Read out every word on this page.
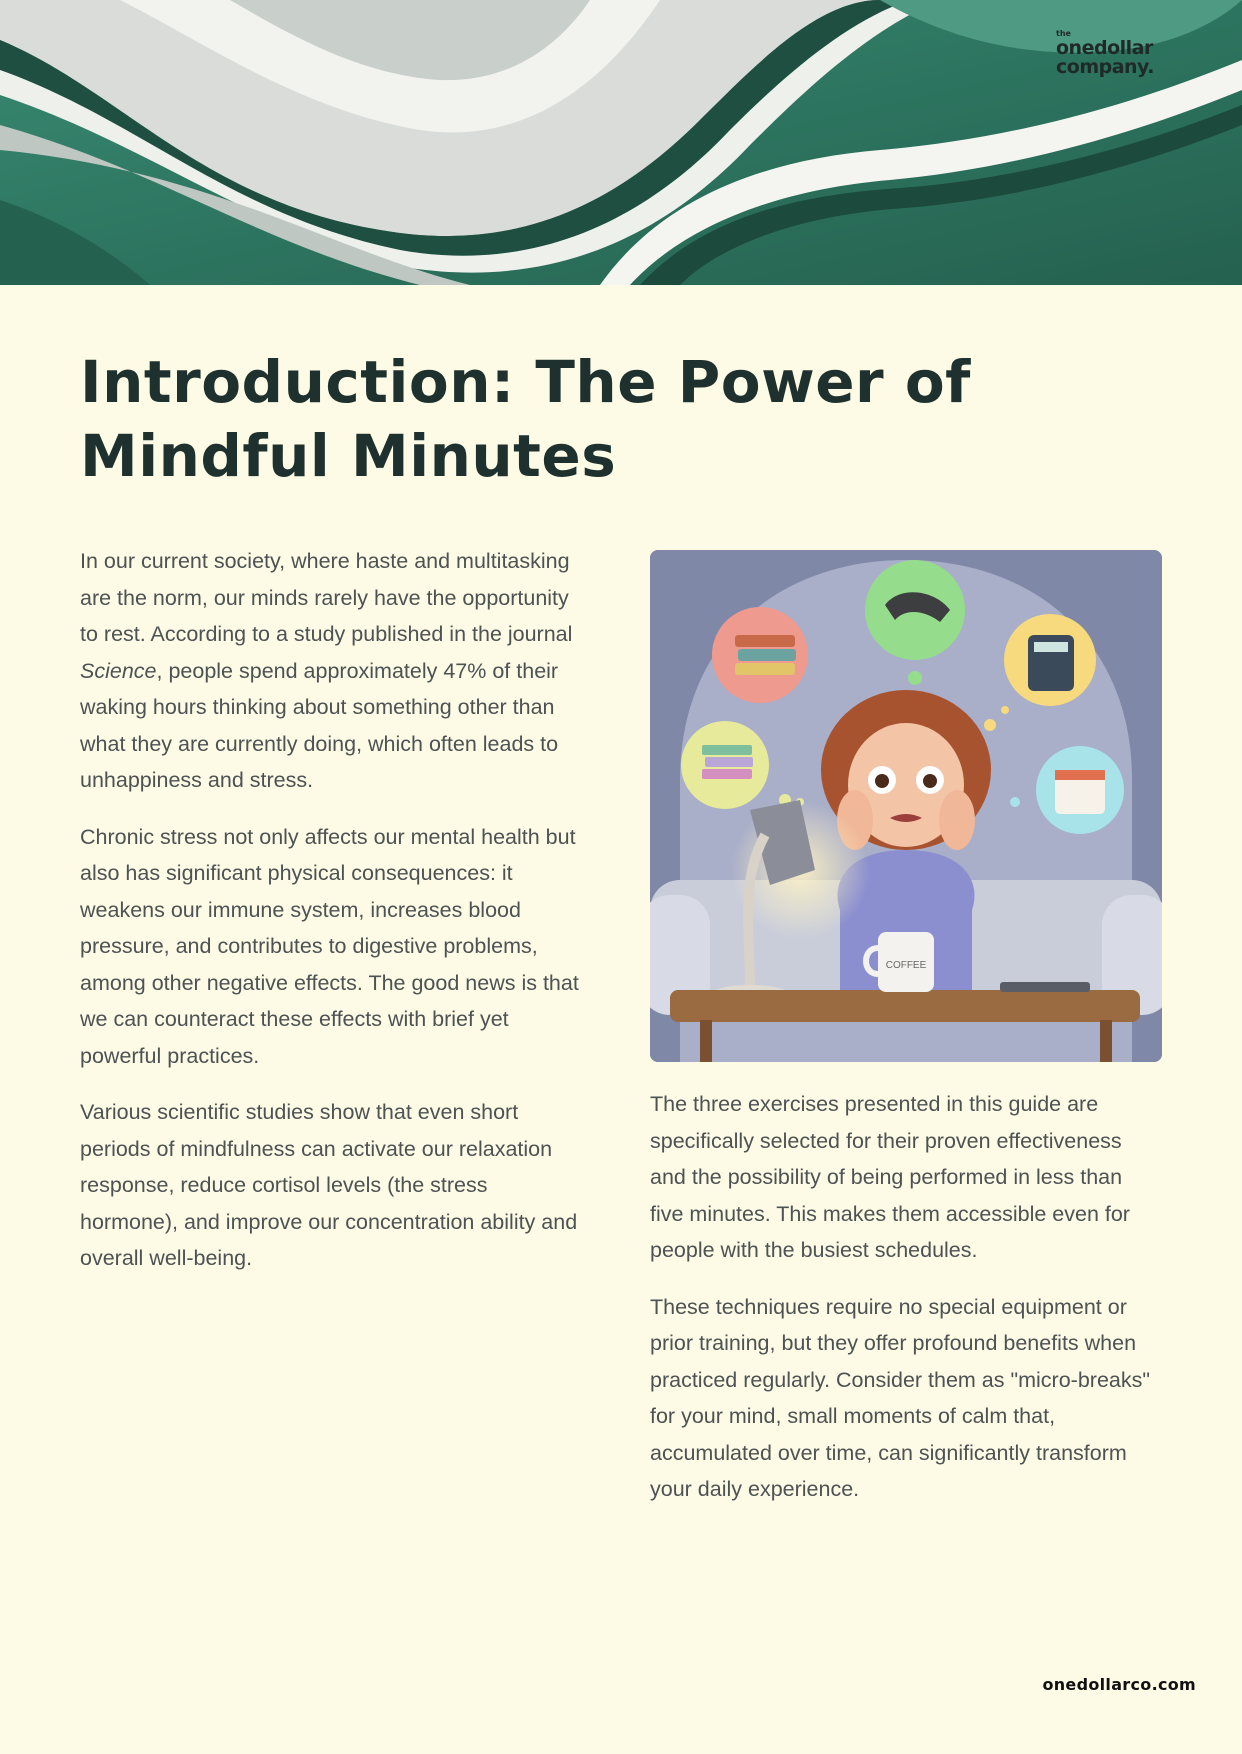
the
onedollar
company.
Introduction: The Power of Mindful Minutes

In our current society, where haste and multitasking are the norm, our minds rarely have the opportunity to rest. According to a study published in the journal Science, people spend approximately 47% of their waking hours thinking about something other than what they are currently doing, which often leads to unhappiness and stress.

Chronic stress not only affects our mental health but also has significant physical consequences: it weakens our immune system, increases blood pressure, and contributes to digestive problems, among other negative effects. The good news is that we can counteract these effects with brief yet powerful practices.

Various scientific studies show that even short periods of mindfulness can activate our relaxation response, reduce cortisol levels (the stress hormone), and improve our concentration ability and overall well-being.

COFFEE

The three exercises presented in this guide are specifically selected for their proven effectiveness and the possibility of being performed in less than five minutes. This makes them accessible even for people with the busiest schedules.

These techniques require no special equipment or prior training, but they offer profound benefits when practiced regularly. Consider them as "micro-breaks" for your mind, small moments of calm that, accumulated over time, can significantly transform your daily experience.

onedollarco.com
